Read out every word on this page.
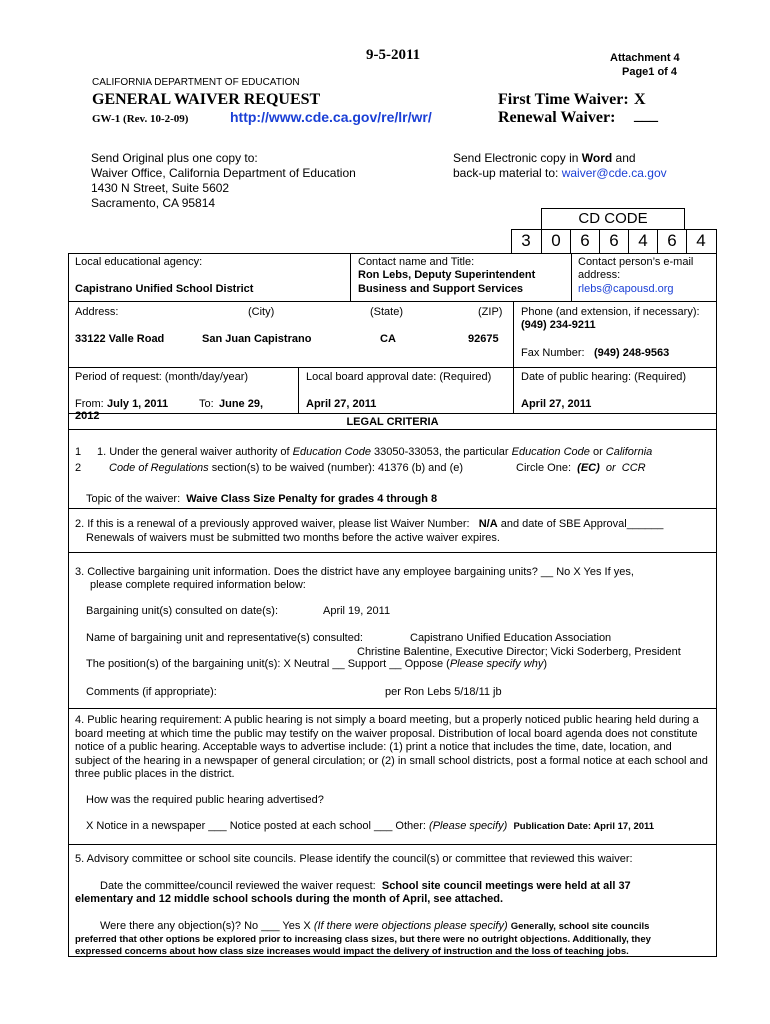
9-5-2011	Attachment 4
Page1 of 4
CALIFORNIA DEPARTMENT OF EDUCATION
GENERAL WAIVER REQUEST
GW-1 (Rev. 10-2-09)	http://www.cde.ca.gov/re/lr/wr/
First Time Waiver: X
Renewal Waiver: ___
Send Original plus one copy to:
Waiver Office, California Department of Education
1430 N Street, Suite 5602
Sacramento, CA 95814
Send Electronic copy in Word and
back-up material to: waiver@cde.ca.gov
CD CODE
3	0	6	6	4	6	4
Local educational agency:
Capistrano Unified School District
Contact name and Title:
Ron Lebs, Deputy Superintendent
Business and Support Services
Contact person’s e-mail
address:
rlebs@capousd.org
Address:	(City)	(State)	(ZIP)
33122 Valle Road	San Juan Capistrano	CA	92675
Phone (and extension, if necessary):
(949) 234-9211
Fax Number: (949) 248-9563
Period of request: (month/day/year)
From: July 1, 2011	To: June 29,
2012
Local board approval date: (Required)
April 27, 2011
Date of public hearing: (Required)
April 27, 2011
LEGAL CRITERIA
1
2
1. Under the general waiver authority of Education Code 33050-33053, the particular Education Code or California
Code of Regulations section(s) to be waived (number): 41376 (b) and (e)	Circle One: (EC) or CCR
Topic of the waiver: Waive Class Size Penalty for grades 4 through 8
2. If this is a renewal of a previously approved waiver, please list Waiver Number: N/A and date of SBE Approval______
Renewals of waivers must be submitted two months before the active waiver expires.
3. Collective bargaining unit information. Does the district have any employee bargaining units? __ No X Yes If yes,
please complete required information below:
Bargaining unit(s) consulted on date(s):	April 19, 2011
Name of bargaining unit and representative(s) consulted:	Capistrano Unified Education Association
Christine Balentine, Executive Director; Vicki Soderberg, President
The position(s) of the bargaining unit(s): X Neutral __ Support __ Oppose (Please specify why)
Comments (if appropriate):	per Ron Lebs 5/18/11 jb
4. Public hearing requirement: A public hearing is not simply a board meeting, but a properly noticed public hearing held during a board meeting at which time the public may testify on the waiver proposal. Distribution of local board agenda does not constitute notice of a public hearing. Acceptable ways to advertise include: (1) print a notice that includes the time, date, location, and subject of the hearing in a newspaper of general circulation; or (2) in small school districts, post a formal notice at each school and three public places in the district.
How was the required public hearing advertised?
X Notice in a newspaper ___ Notice posted at each school ___ Other: (Please specify) Publication Date: April 17, 2011
5. Advisory committee or school site councils. Please identify the council(s) or committee that reviewed this waiver:
Date the committee/council reviewed the waiver request: School site council meetings were held at all 37
elementary and 12 middle school schools during the month of April, see attached.
Were there any objection(s)? No ___ Yes X (If there were objections please specify) Generally, school site councils
preferred that other options be explored prior to increasing class sizes, but there were no outright objections. Additionally, they
expressed concerns about how class size increases would impact the delivery of instruction and the loss of teaching jobs.
